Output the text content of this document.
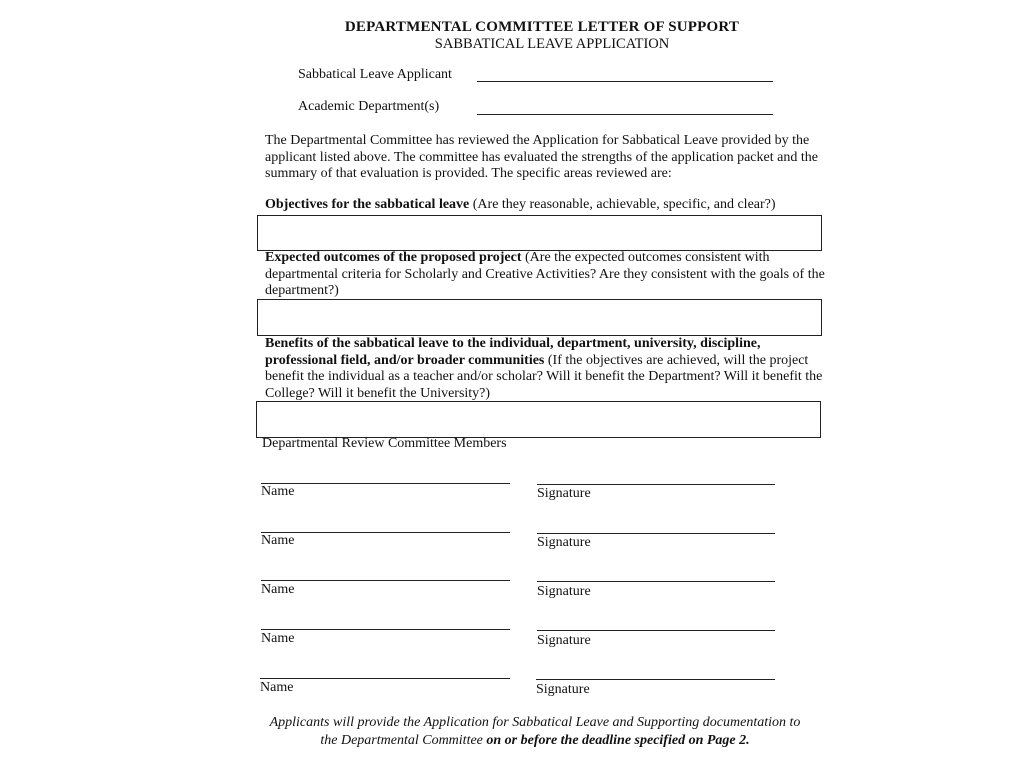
DEPARTMENTAL COMMITTEE LETTER OF SUPPORT
SABBATICAL LEAVE APPLICATION
Sabbatical Leave Applicant
Academic Department(s)
The Departmental Committee has reviewed the Application for Sabbatical Leave provided by the applicant listed above. The committee has evaluated the strengths of the application packet and the summary of that evaluation is provided. The specific areas reviewed are:
Objectives for the sabbatical leave (Are they reasonable, achievable, specific, and clear?)
Expected outcomes of the proposed project (Are the expected outcomes consistent with departmental criteria for Scholarly and Creative Activities? Are they consistent with the goals of the department?)
Benefits of the sabbatical leave to the individual, department, university, discipline, professional field, and/or broader communities (If the objectives are achieved, will the project benefit the individual as a teacher and/or scholar? Will it benefit the Department? Will it benefit the College? Will it benefit the University?)
Departmental Review Committee Members
Name	Signature
Name	Signature
Name	Signature
Name	Signature
Name	Signature
Applicants will provide the Application for Sabbatical Leave and Supporting documentation to the Departmental Committee on or before the deadline specified on Page 2.
